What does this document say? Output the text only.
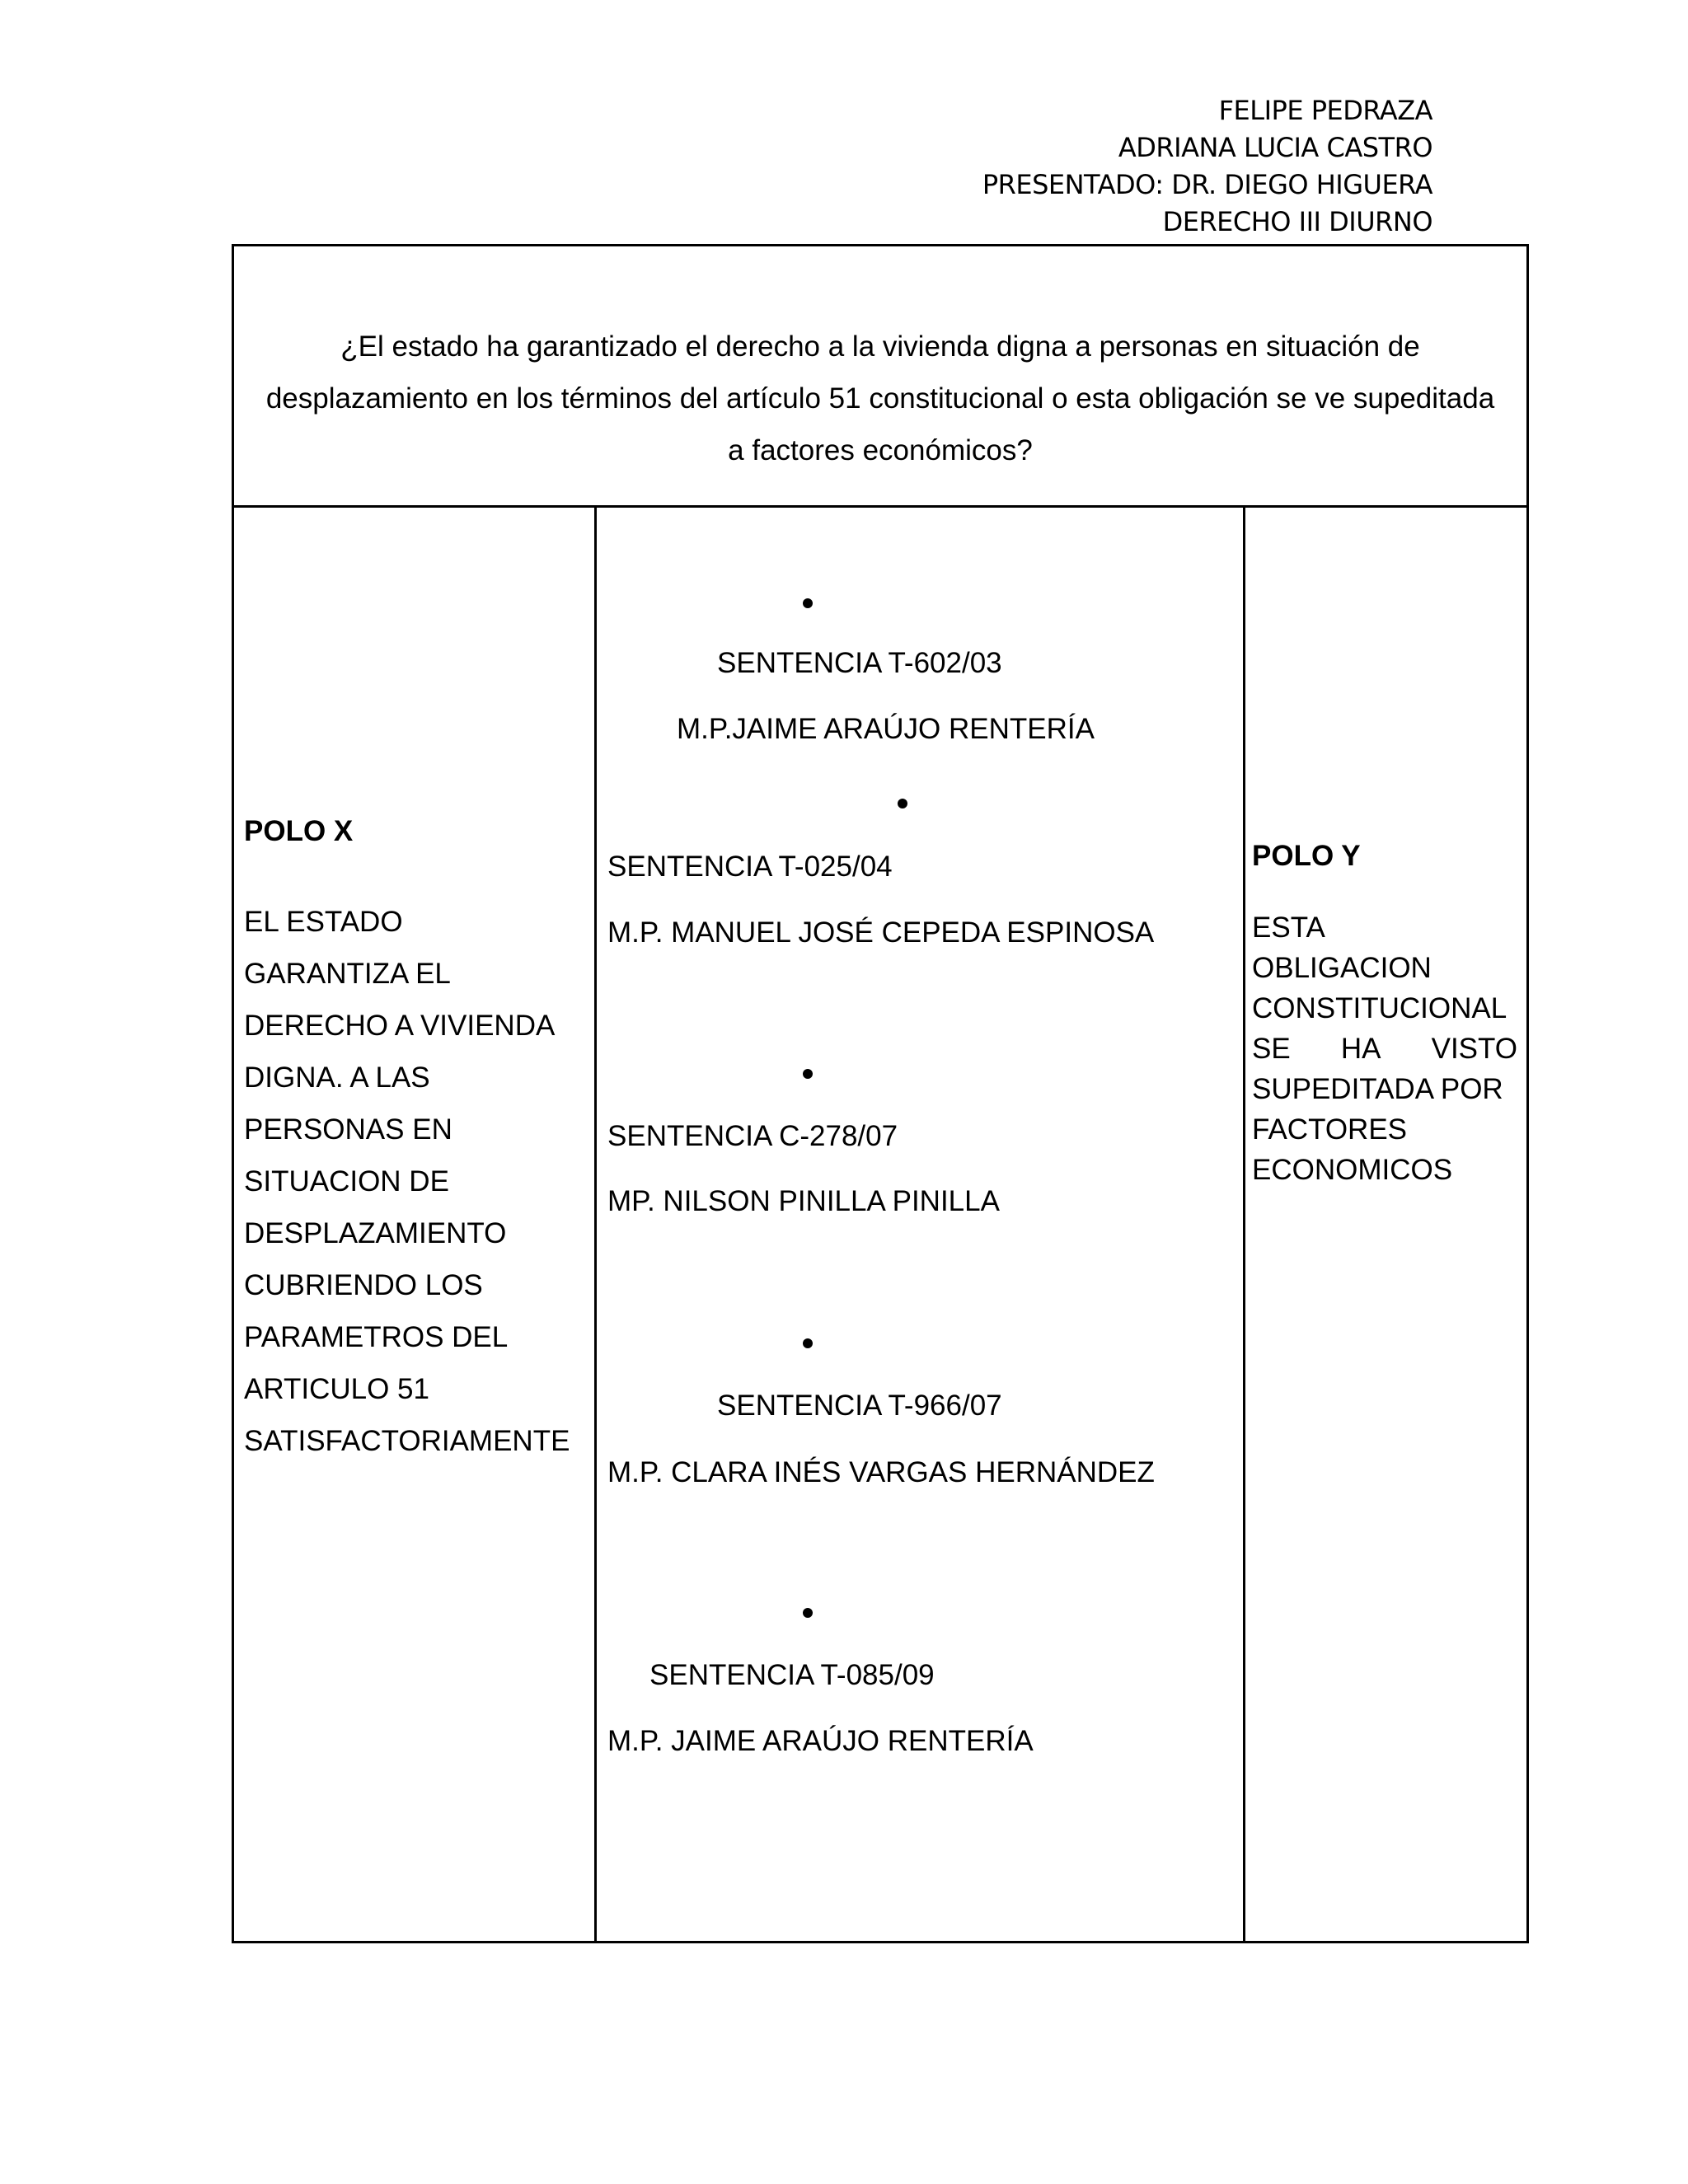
FELIPE PEDRAZA
ADRIANA LUCIA CASTRO
PRESENTADO: DR. DIEGO HIGUERA
DERECHO III DIURNO
¿El estado ha garantizado el derecho a la vivienda digna a personas en situación de
desplazamiento en los términos del artículo 51 constitucional o esta obligación se ve supeditada
a factores económicos?
POLO X
EL ESTADO
GARANTIZA EL
DERECHO A VIVIENDA
DIGNA. A LAS
PERSONAS EN
SITUACION DE
DESPLAZAMIENTO
CUBRIENDO LOS
PARAMETROS DEL
ARTICULO 51
SATISFACTORIAMENTE
POLO Y
ESTA
OBLIGACION
CONSTITUCIONAL
SE HA VISTO
SUPEDITADA POR
FACTORES
ECONOMICOS
SENTENCIA T-602/03
M.P.JAIME ARAÚJO RENTERÍA
SENTENCIA T-025/04
M.P. MANUEL JOSÉ CEPEDA ESPINOSA
SENTENCIA C-278/07
MP. NILSON PINILLA PINILLA
SENTENCIA T-966/07
M.P. CLARA INÉS VARGAS HERNÁNDEZ
SENTENCIA T-085/09
M.P. JAIME ARAÚJO RENTERÍA
